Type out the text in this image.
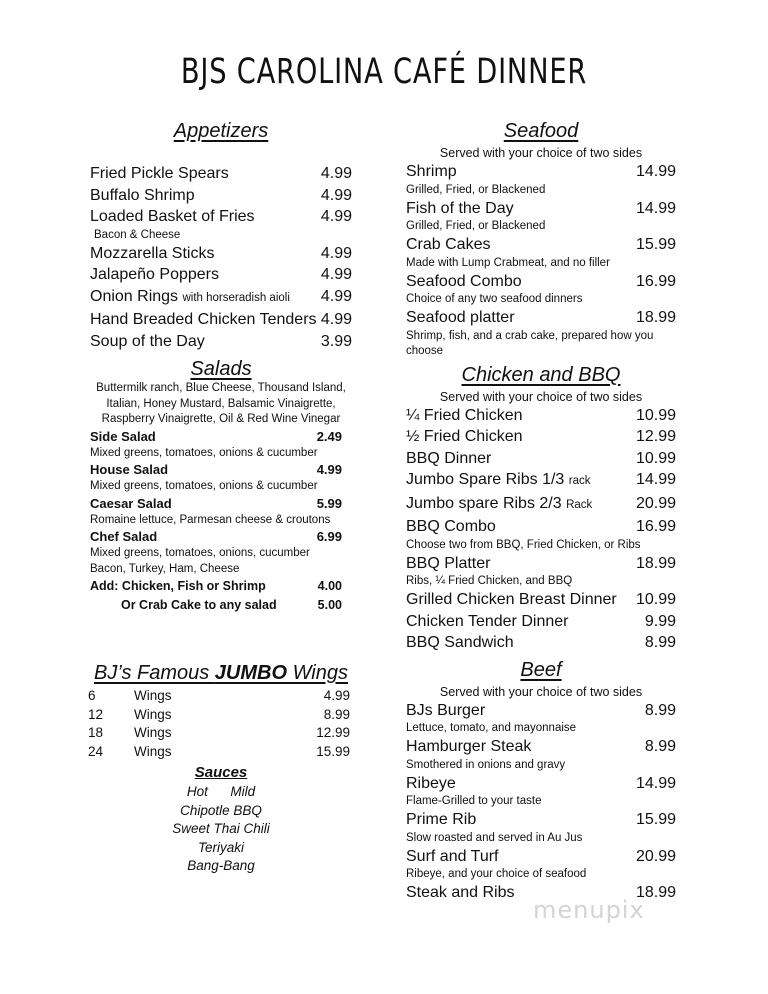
BJS CAROLINA CAFÉ DINNER
Appetizers
Fried Pickle Spears	4.99
Buffalo Shrimp	4.99
Loaded Basket of Fries	4.99
Bacon & Cheese
Mozzarella Sticks	4.99
Jalapeño Poppers	4.99
Onion Rings with horseradish aioli 4.99
Hand Breaded Chicken Tenders 4.99
Soup of the Day	3.99
Salads
Buttermilk ranch, Blue Cheese, Thousand Island,
Italian, Honey Mustard, Balsamic Vinaigrette,
Raspberry Vinaigrette, Oil & Red Wine Vinegar
Side Salad	2.49
Mixed greens, tomatoes, onions & cucumber
House Salad	4.99
Mixed greens, tomatoes, onions & cucumber
Caesar Salad	5.99
Romaine lettuce, Parmesan cheese & croutons
Chef Salad	6.99
Mixed greens, tomatoes, onions, cucumber
Bacon, Turkey, Ham, Cheese
Add: Chicken, Fish or Shrimp	4.00
Or Crab Cake to any salad	5.00
BJ’s Famous JUMBO Wings
6	Wings	4.99
12	Wings	8.99
18	Wings	12.99
24	Wings	15.99
Sauces
Hot      Mild
Chipotle BBQ
Sweet Thai Chili
Teriyaki
Bang-Bang
Seafood
Served with your choice of two sides
Shrimp	14.99
Grilled, Fried, or Blackened
Fish of the Day	14.99
Grilled, Fried, or Blackened
Crab Cakes	15.99
Made with Lump Crabmeat, and no filler
Seafood Combo	16.99
Choice of any two seafood dinners
Seafood platter	18.99
Shrimp, fish, and a crab cake, prepared how you choose
Chicken and BBQ
Served with your choice of two sides
¼ Fried Chicken	10.99
½ Fried Chicken	12.99
BBQ Dinner	10.99
Jumbo Spare Ribs 1/3 rack	14.99
Jumbo spare Ribs 2/3 Rack	20.99
BBQ Combo	16.99
Choose two from BBQ, Fried Chicken, or Ribs
BBQ Platter	18.99
Ribs, ¼ Fried Chicken, and BBQ
Grilled Chicken Breast Dinner 10.99
Chicken Tender Dinner	9.99
BBQ Sandwich	8.99
Beef
Served with your choice of two sides
BJs Burger	8.99
Lettuce, tomato, and mayonnaise
Hamburger Steak	8.99
Smothered in onions and gravy
Ribeye	14.99
Flame-Grilled to your taste
Prime Rib	15.99
Slow roasted and served in Au Jus
Surf and Turf	20.99
Ribeye, and your choice of seafood
Steak and Ribs	18.99
menupix
